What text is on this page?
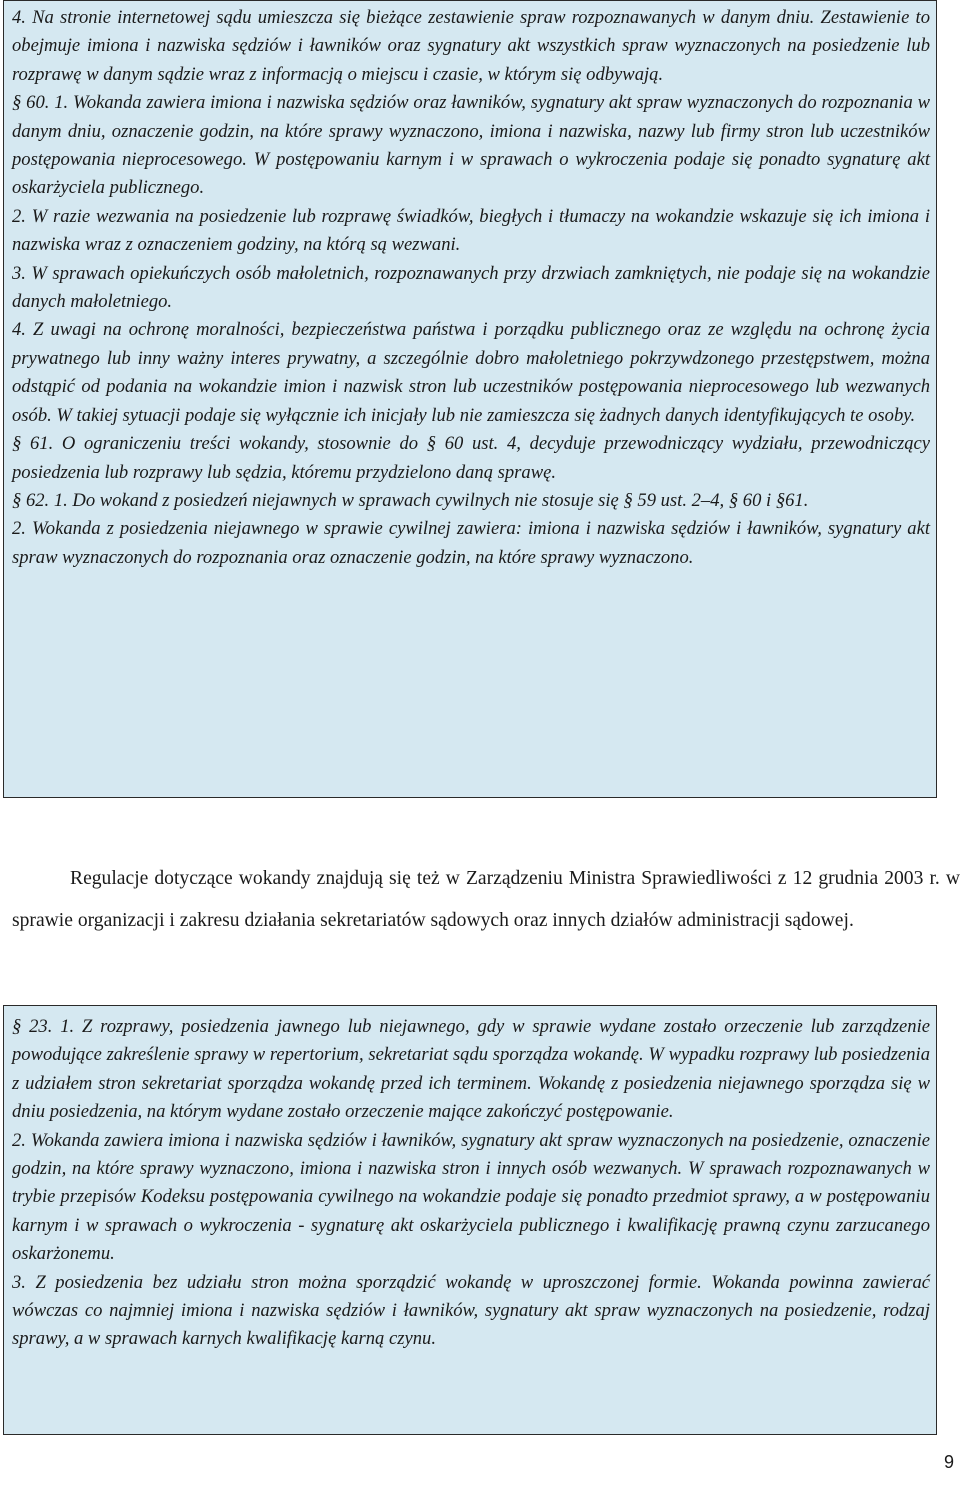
4. Na stronie internetowej sądu umieszcza się bieżące zestawienie spraw rozpoznawanych w danym dniu. Zestawienie to obejmuje imiona i nazwiska sędziów i ławników oraz sygnatury akt wszystkich spraw wyznaczonych na posiedzenie lub rozprawę w danym sądzie wraz z informacją o miejscu i czasie, w którym się odbywają.

§ 60. 1. Wokanda zawiera imiona i nazwiska sędziów oraz ławników, sygnatury akt spraw wyznaczonych do rozpoznania w danym dniu, oznaczenie godzin, na które sprawy wyznaczono, imiona i nazwiska, nazwy lub firmy stron lub uczestników postępowania nieprocesowego. W postępowaniu karnym i w sprawach o wykroczenia podaje się ponadto sygnaturę akt oskarżyciela publicznego.

2. W razie wezwania na posiedzenie lub rozprawę świadków, biegłych i tłumaczy na wokandzie wskazuje się ich imiona i nazwiska wraz z oznaczeniem godziny, na którą są wezwani.

3. W sprawach opiekuńczych osób małoletnich, rozpoznawanych przy drzwiach zamkniętych, nie podaje się na wokandzie danych małoletniego.

4. Z uwagi na ochronę moralności, bezpieczeństwa państwa i porządku publicznego oraz ze względu na ochronę życia prywatnego lub inny ważny interes prywatny, a szczególnie dobro małoletniego pokrzywdzonego przestępstwem, można odstąpić od podania na wokandzie imion i nazwisk stron lub uczestników postępowania nieprocesowego lub wezwanych osób. W takiej sytuacji podaje się wyłącznie ich inicjały lub nie zamieszcza się żadnych danych identyfikujących te osoby.

§ 61. O ograniczeniu treści wokandy, stosownie do § 60 ust. 4, decyduje przewodniczący wydziału, przewodniczący posiedzenia lub rozprawy lub sędzia, któremu przydzielono daną sprawę.

§ 62. 1. Do wokand z posiedzeń niejawnych w sprawach cywilnych nie stosuje się § 59 ust. 2–4, § 60 i §61.

2. Wokanda z posiedzenia niejawnego w sprawie cywilnej zawiera: imiona i nazwiska sędziów i ławników, sygnatury akt spraw wyznaczonych do rozpoznania oraz oznaczenie godzin, na które sprawy wyznaczono.

Regulacje dotyczące wokandy znajdują się też w Zarządzeniu Ministra Sprawiedliwości z 12 grudnia 2003 r. w sprawie organizacji i zakresu działania sekretariatów sądowych oraz innych działów administracji sądowej.

§ 23. 1. Z rozprawy, posiedzenia jawnego lub niejawnego, gdy w sprawie wydane zostało orzeczenie lub zarządzenie powodujące zakreślenie sprawy w repertorium, sekretariat sądu sporządza wokandę. W wypadku rozprawy lub posiedzenia z udziałem stron sekretariat sporządza wokandę przed ich terminem. Wokandę z posiedzenia niejawnego sporządza się w dniu posiedzenia, na którym wydane zostało orzeczenie mające zakończyć postępowanie.

2. Wokanda zawiera imiona i nazwiska sędziów i ławników, sygnatury akt spraw wyznaczonych na posiedzenie, oznaczenie godzin, na które sprawy wyznaczono, imiona i nazwiska stron i innych osób wezwanych. W sprawach rozpoznawanych w trybie przepisów Kodeksu postępowania cywilnego na wokandzie podaje się ponadto przedmiot sprawy, a w postępowaniu karnym i w sprawach o wykroczenia - sygnaturę akt oskarżyciela publicznego i kwalifikację prawną czynu zarzucanego oskarżonemu.

3. Z posiedzenia bez udziału stron można sporządzić wokandę w uproszczonej formie. Wokanda powinna zawierać wówczas co najmniej imiona i nazwiska sędziów i ławników, sygnatury akt spraw wyznaczonych na posiedzenie, rodzaj sprawy, a w sprawach karnych kwalifikację karną czynu.

9
